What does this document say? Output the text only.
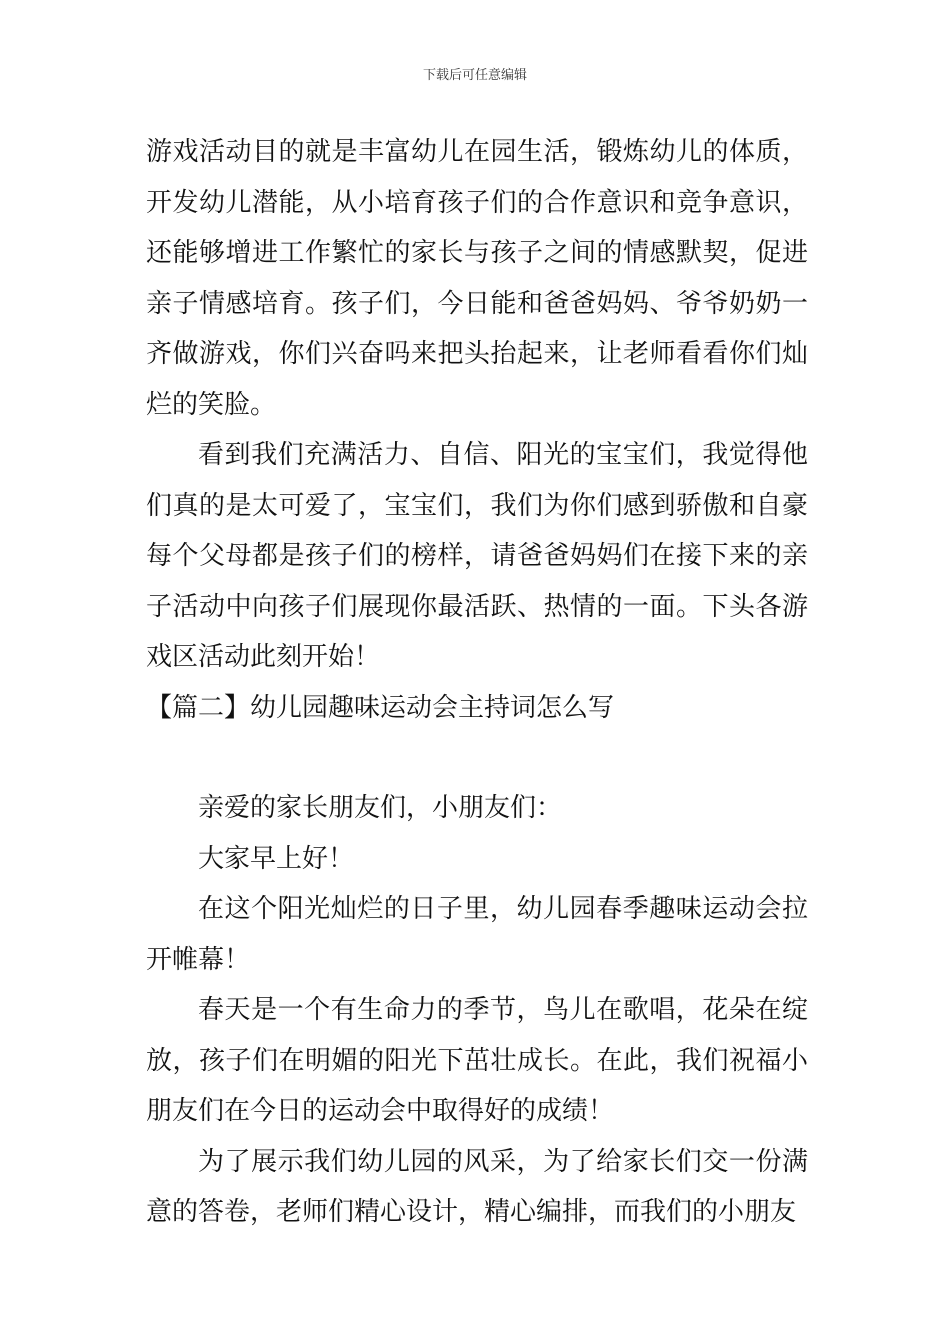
下载后可任意编辑

游戏活动目的就是丰富幼儿在园生活，锻炼幼儿的体质，开发幼儿潜能，从小培育孩子们的合作意识和竞争意识，还能够增进工作繁忙的家长与孩子之间的情感默契，促进亲子情感培育。孩子们，今日能和爸爸妈妈、爷爷奶奶一齐做游戏，你们兴奋吗来把头抬起来，让老师看看你们灿烂的笑脸。

看到我们充满活力、自信、阳光的宝宝们，我觉得他们真的是太可爱了，宝宝们，我们为你们感到骄傲和自豪每个父母都是孩子们的榜样，请爸爸妈妈们在接下来的亲子活动中向孩子们展现你最活跃、热情的一面。下头各游戏区活动此刻开始！

【篇二】幼儿园趣味运动会主持词怎么写

亲爱的家长朋友们，小朋友们：

大家早上好！

在这个阳光灿烂的日子里，幼儿园春季趣味运动会拉开帷幕！

春天是一个有生命力的季节，鸟儿在歌唱，花朵在绽放，孩子们在明媚的阳光下茁壮成长。在此，我们祝福小朋友们在今日的运动会中取得好的成绩！

为了展示我们幼儿园的风采，为了给家长们交一份满意的答卷，老师们精心设计，精心编排，而我们的小朋友
